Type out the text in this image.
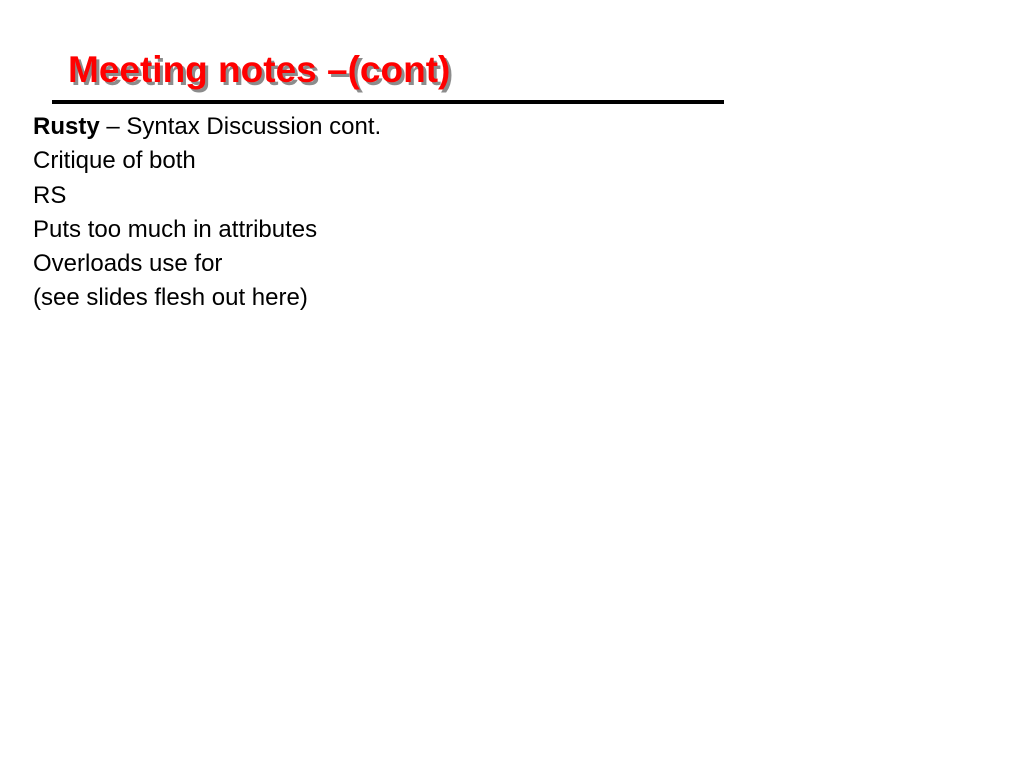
Meeting notes –(cont)
Rusty – Syntax Discussion cont.
Critique of both
RS
Puts too much in attributes
Overloads use for
(see slides flesh out here)
